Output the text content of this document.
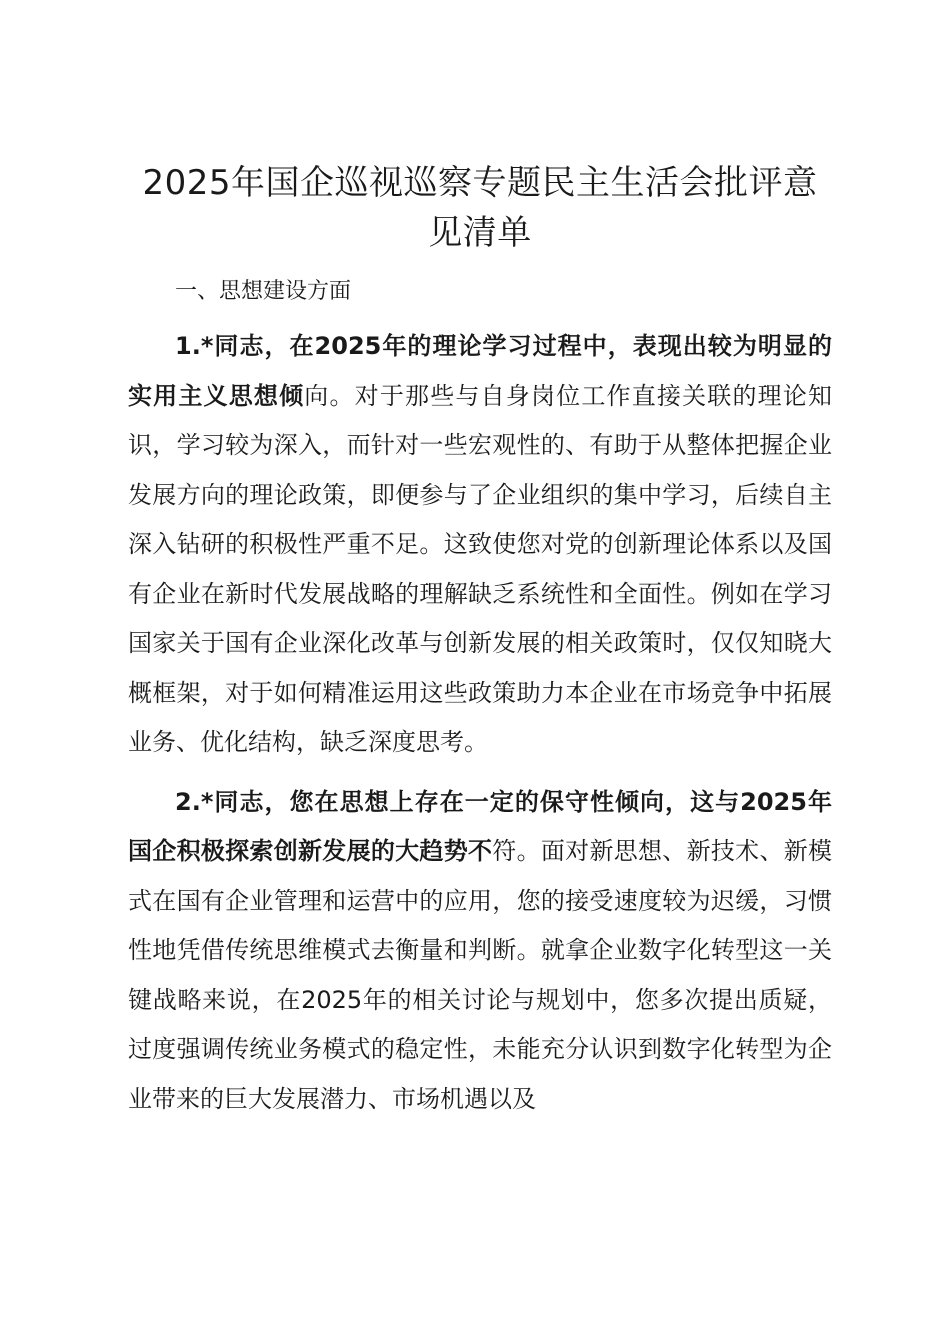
2025年国企巡视巡察专题民主生活会批评意见清单

一、思想建设方面

1.*同志，在2025年的理论学习过程中，表现出较为明显的实用主义思想倾向。对于那些与自身岗位工作直接关联的理论知识，学习较为深入，而针对一些宏观性的、有助于从整体把握企业发展方向的理论政策，即便参与了企业组织的集中学习，后续自主深入钻研的积极性严重不足。这致使您对党的创新理论体系以及国有企业在新时代发展战略的理解缺乏系统性和全面性。例如在学习国家关于国有企业深化改革与创新发展的相关政策时，仅仅知晓大概框架，对于如何精准运用这些政策助力本企业在市场竞争中拓展业务、优化结构，缺乏深度思考。

2.*同志，您在思想上存在一定的保守性倾向，这与2025年国企积极探索创新发展的大趋势不符。面对新思想、新技术、新模式在国有企业管理和运营中的应用，您的接受速度较为迟缓，习惯性地凭借传统思维模式去衡量和判断。就拿企业数字化转型这一关键战略来说，在2025年的相关讨论与规划中，您多次提出质疑，过度强调传统业务模式的稳定性，未能充分认识到数字化转型为企业带来的巨大发展潜力、市场机遇以及
